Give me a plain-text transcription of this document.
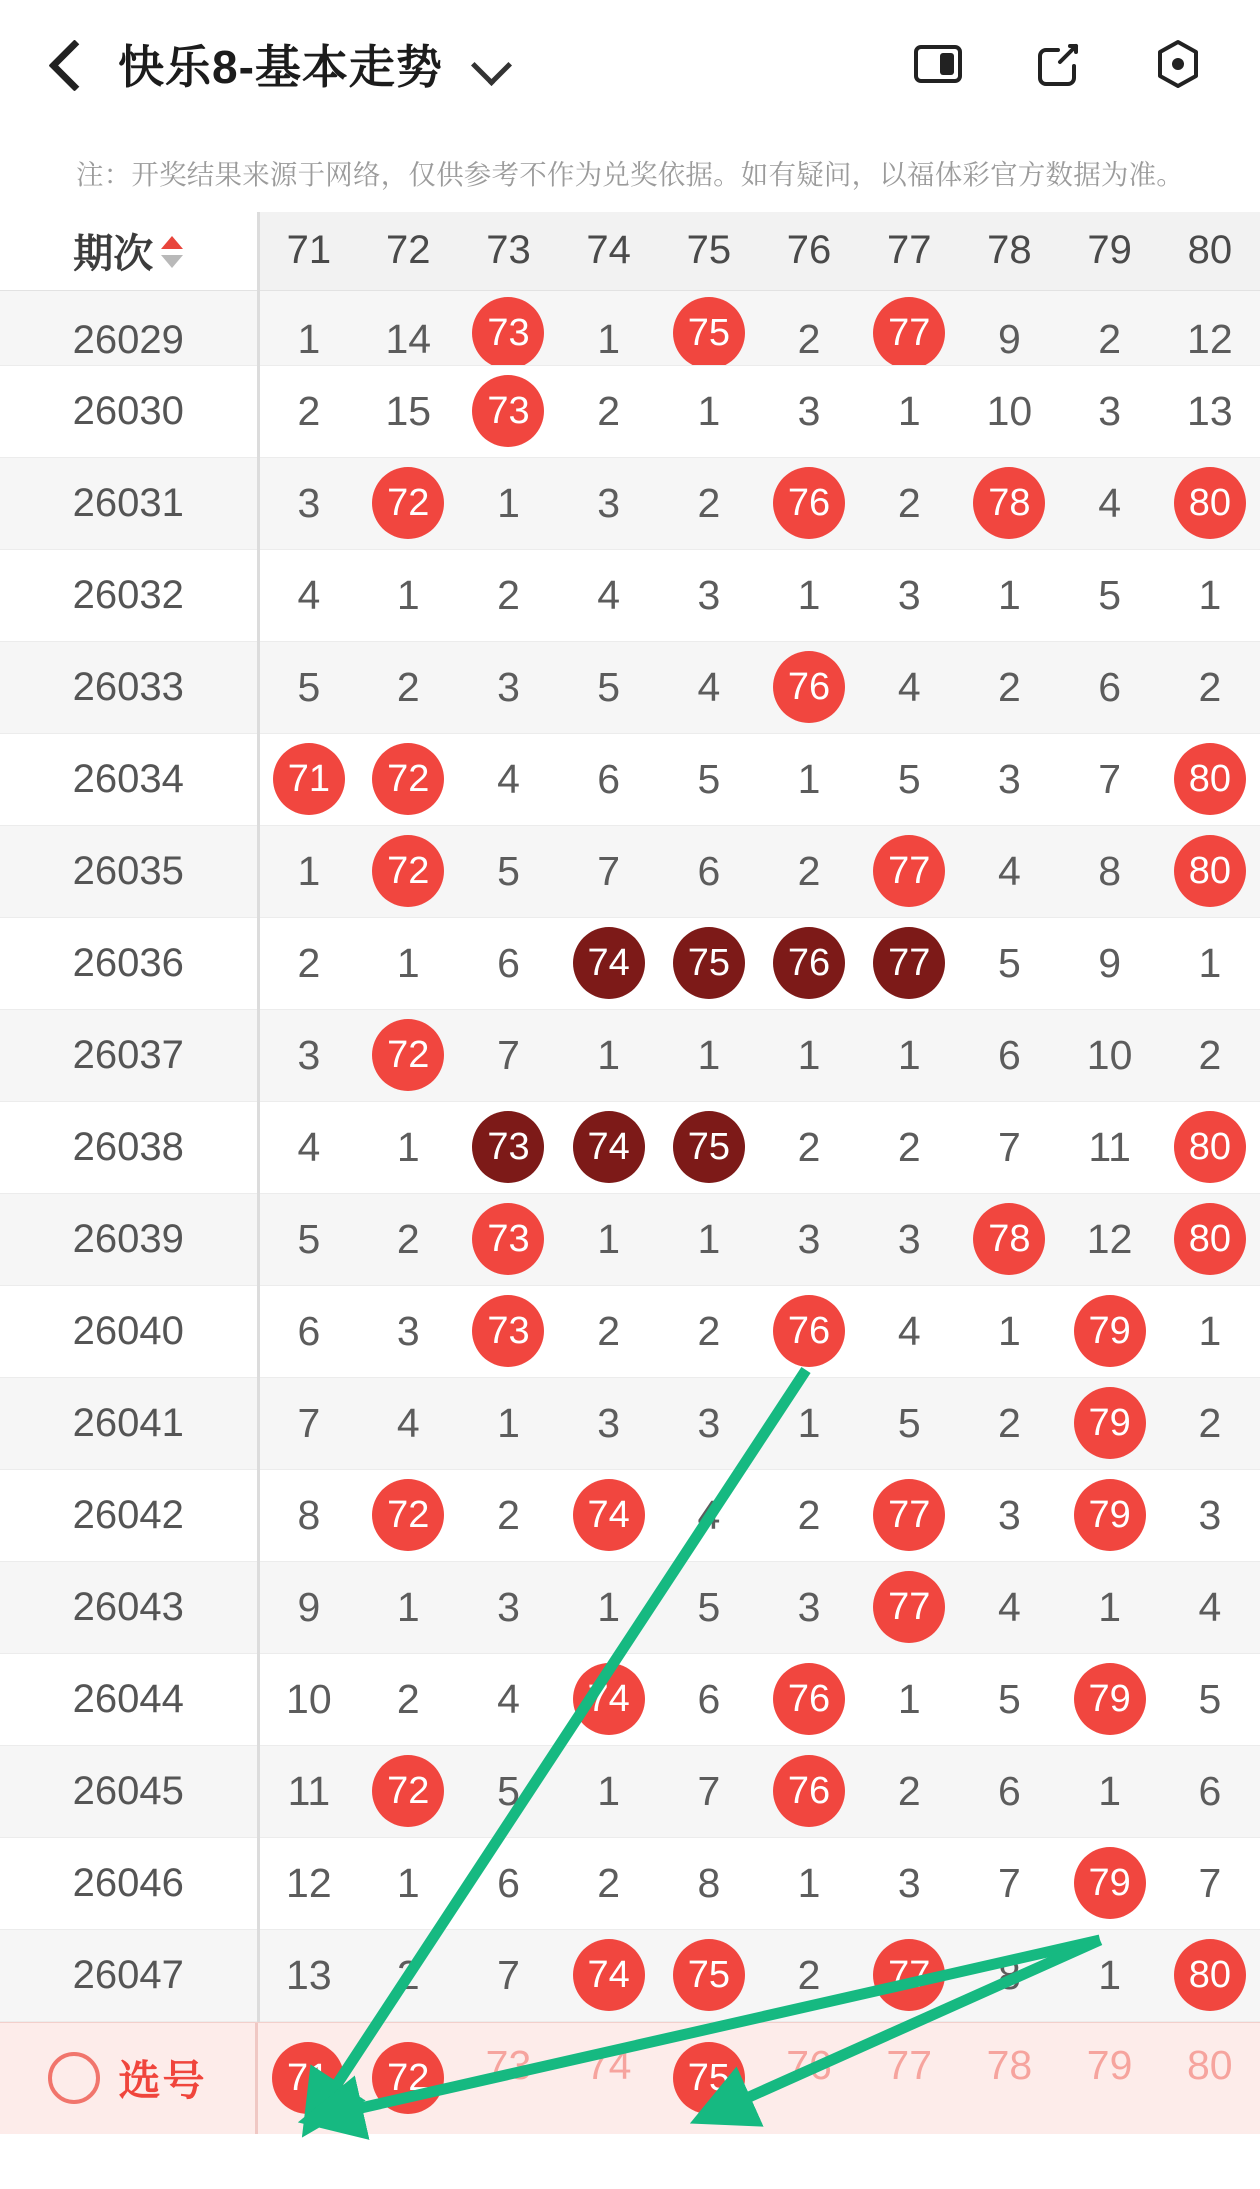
快乐8-基本走势
注：开奖结果来源于网络，仅供参考不作为兑奖依据。如有疑问，以福体彩官方数据为准。
期次	71	72	73	74	75	76	77	78	79	80
26029	1	14	73	1	75	2	77	9	2	12
26030	2	15	73	2	1	3	1	10	3	13
26031	3	72	1	3	2	76	2	78	4	80
26032	4	1	2	4	3	1	3	1	5	1
26033	5	2	3	5	4	76	4	2	6	2
26034	71	72	4	6	5	1	5	3	7	80
26035	1	72	5	7	6	2	77	4	8	80
26036	2	1	6	74	75	76	77	5	9	1
26037	3	72	7	1	1	1	1	6	10	2
26038	4	1	73	74	75	2	2	7	11	80
26039	5	2	73	1	1	3	3	78	12	80
26040	6	3	73	2	2	76	4	1	79	1
26041	7	4	1	3	3	1	5	2	79	2
26042	8	72	2	74	4	2	77	3	79	3
26043	9	1	3	1	5	3	77	4	1	4
26044	10	2	4	74	6	76	1	5	79	5
26045	11	72	5	1	7	76	2	6	1	6
26046	12	1	6	2	8	1	3	7	79	7
26047	13	2	7	74	75	2	77	8	1	80
选号	71	72	73	74	75	76	77	78	79	80
